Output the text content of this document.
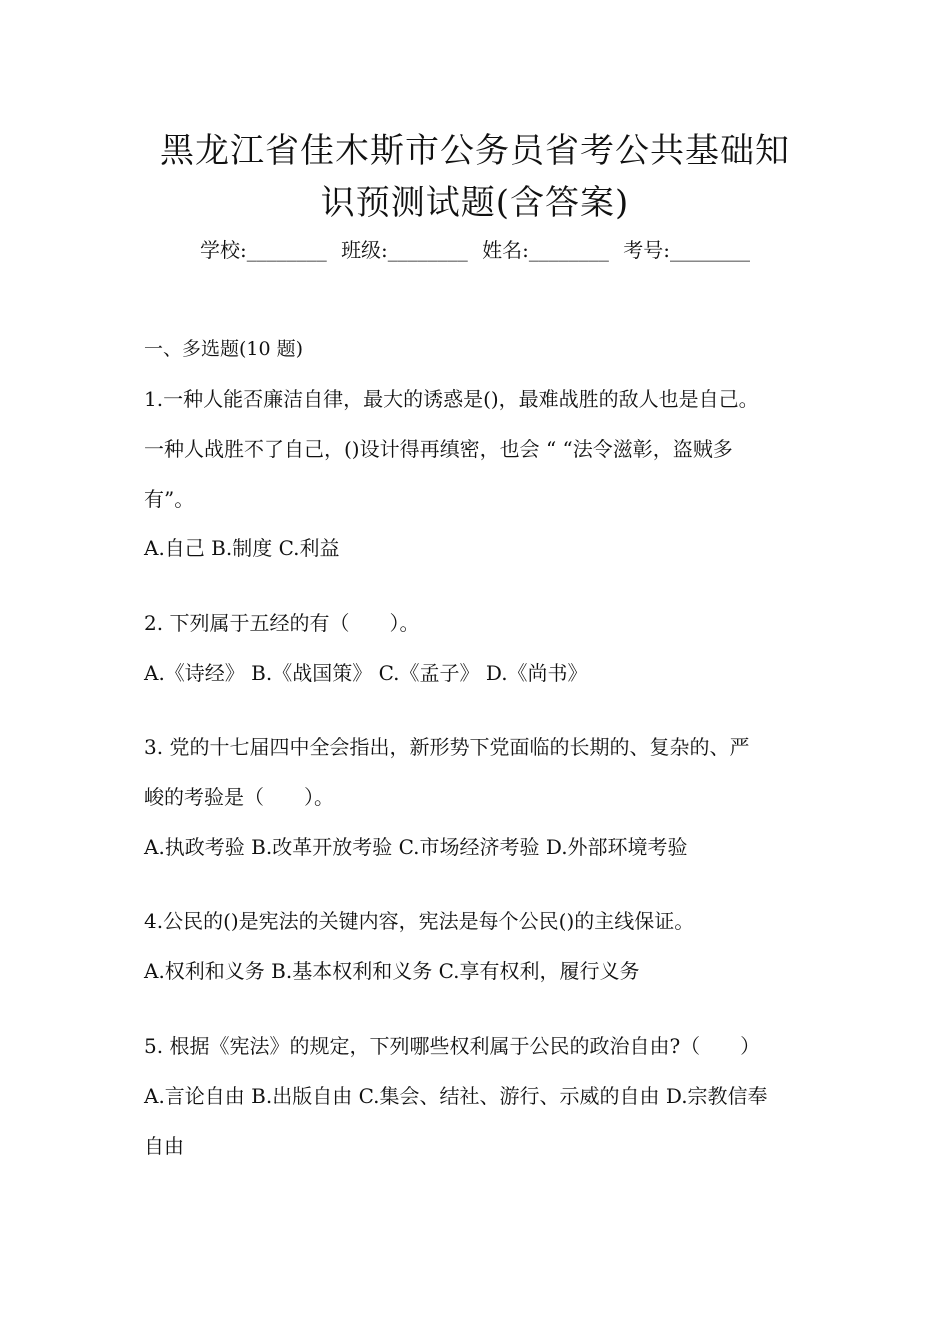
黑龙江省佳木斯市公务员省考公共基础知
识预测试题(含答案)
学校:________ 班级:________ 姓名:________ 考号:________
一、多选题(10 题)
1.一种人能否廉洁自律，最大的诱惑是()，最难战胜的敌人也是自己。
一种人战胜不了自己，()设计得再缜密，也会 “ “法令滋彰，盗贼多
有”。
A.自己 B.制度 C.利益
2. 下列属于五经的有（　　）。
A.《诗经》 B.《战国策》 C.《孟子》 D.《尚书》
3. 党的十七届四中全会指出，新形势下党面临的长期的、复杂的、严
峻的考验是（　　）。
A.执政考验 B.改革开放考验 C.市场经济考验 D.外部环境考验
4.公民的()是宪法的关键内容，宪法是每个公民()的主线保证。
A.权利和义务 B.基本权利和义务 C.享有权利，履行义务
5. 根据《宪法》的规定，下列哪些权利属于公民的政治自由?（　　）
A.言论自由 B.出版自由 C.集会、结社、游行、示威的自由 D.宗教信奉
自由
